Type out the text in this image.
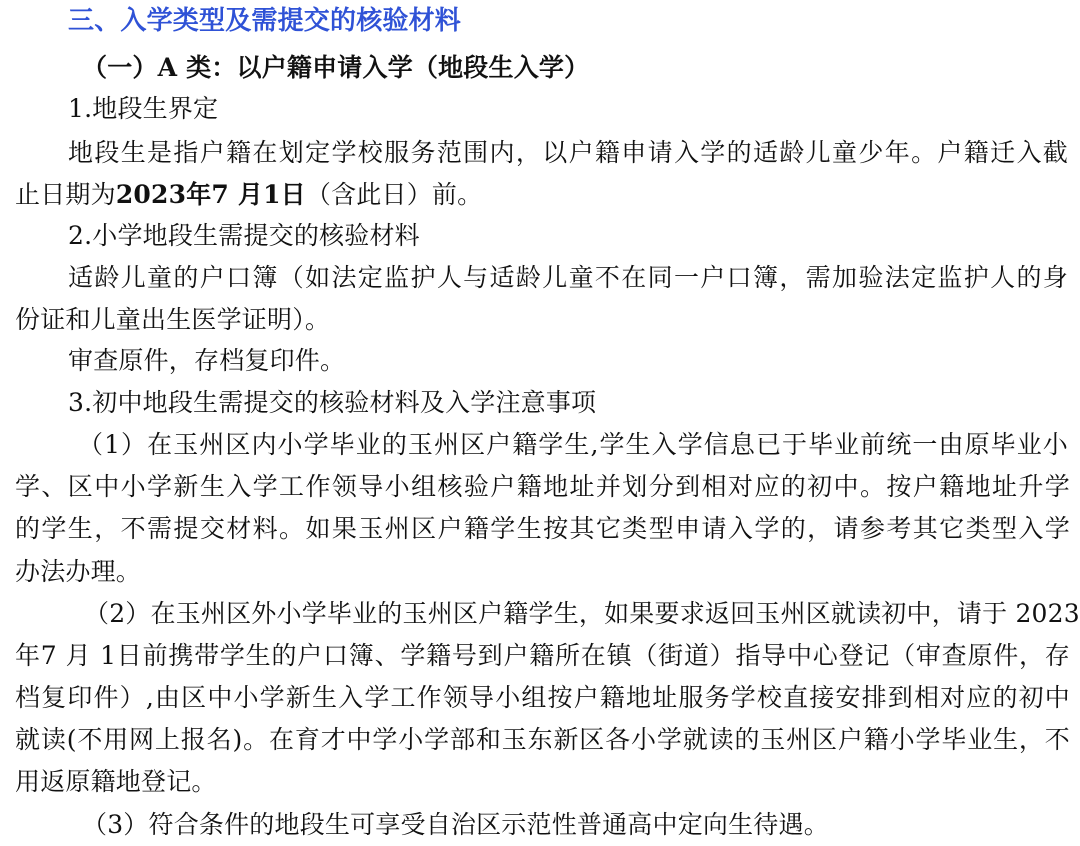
三、入学类型及需提交的核验材料
（一）A 类：以户籍申请入学（地段生入学）
1.地段生界定
地段生是指户籍在划定学校服务范围内，以户籍申请入学的适龄儿童少年。户籍迁入截
止日期为2023年7 月1日（含此日）前。
2.小学地段生需提交的核验材料
适龄儿童的户口簿（如法定监护人与适龄儿童不在同一户口簿，需加验法定监护人的身
份证和儿童出生医学证明）。
审查原件，存档复印件。
3.初中地段生需提交的核验材料及入学注意事项
（1）在玉州区内小学毕业的玉州区户籍学生,学生入学信息已于毕业前统一由原毕业小
学、区中小学新生入学工作领导小组核验户籍地址并划分到相对应的初中。按户籍地址升学
的学生，不需提交材料。如果玉州区户籍学生按其它类型申请入学的，请参考其它类型入学
办法办理。
（2）在玉州区外小学毕业的玉州区户籍学生，如果要求返回玉州区就读初中，请于 2023
年7 月 1日前携带学生的户口簿、学籍号到户籍所在镇（街道）指导中心登记（审查原件，存
档复印件）,由区中小学新生入学工作领导小组按户籍地址服务学校直接安排到相对应的初中
就读(不用网上报名)。在育才中学小学部和玉东新区各小学就读的玉州区户籍小学毕业生，不
用返原籍地登记。
（3）符合条件的地段生可享受自治区示范性普通高中定向生待遇。
